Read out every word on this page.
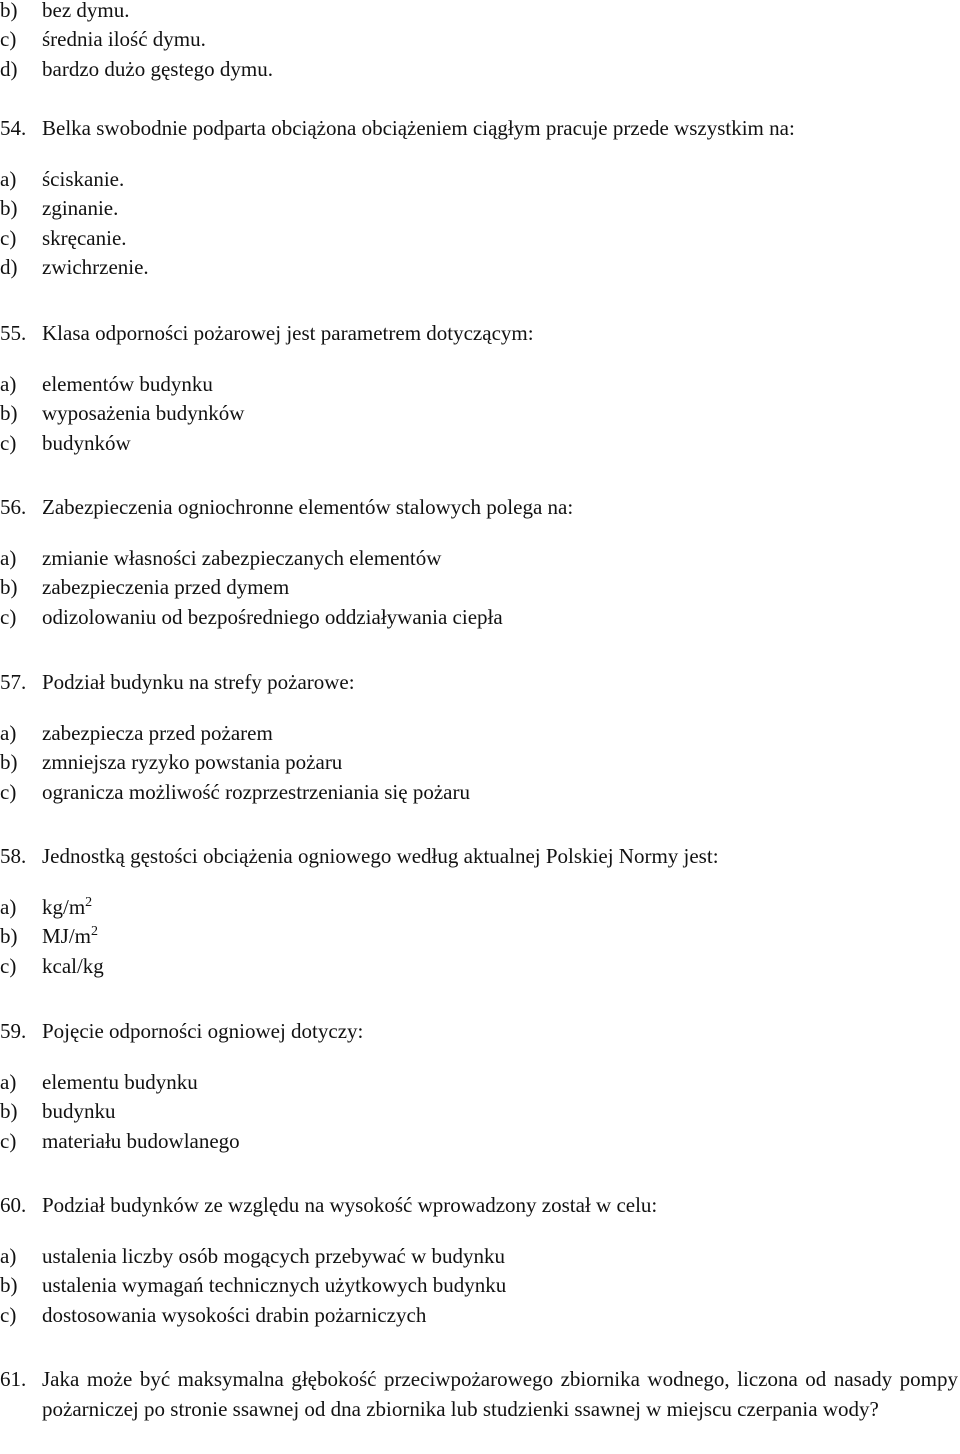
b)	bez dymu.
c)	średnia ilość dymu.
d)	bardzo dużo gęstego dymu.
54. Belka swobodnie podparta obciążona obciążeniem ciągłym pracuje przede wszystkim na:
a)	ściskanie.
b)	zginanie.
c)	skręcanie.
d)	zwichrzenie.
55. Klasa odporności pożarowej jest parametrem dotyczącym:
a)	elementów budynku
b)	wyposażenia budynków
c)	budynków
56. Zabezpieczenia ogniochronne elementów stalowych polega na:
a)	zmianie własności zabezpieczanych elementów
b)	zabezpieczenia przed dymem
c)	odizolowaniu od bezpośredniego oddziaływania ciepła
57. Podział budynku na strefy pożarowe:
a)	zabezpiecza przed pożarem
b)	zmniejsza ryzyko powstania pożaru
c)	ogranicza możliwość rozprzestrzeniania się pożaru
58. Jednostką gęstości obciążenia ogniowego według aktualnej Polskiej Normy jest:
a)	$kg/m^2$
b)	$MJ/m^2$
c)	kcal/kg
59. Pojęcie odporności ogniowej dotyczy:
a)	elementu budynku
b)	budynku
c)	materiału budowlanego
60. Podział budynków ze względu na wysokość wprowadzony został w celu:
a)	ustalenia liczby osób mogących przebywać w budynku
b)	ustalenia wymagań technicznych użytkowych budynku
c)	dostosowania wysokości drabin pożarniczych
61. Jaka może być maksymalna głębokość przeciwpożarowego zbiornika wodnego, liczona od nasady pompy pożarniczej po stronie ssawnej od dna zbiornika lub studzienki ssawnej w miejscu czerpania wody?
